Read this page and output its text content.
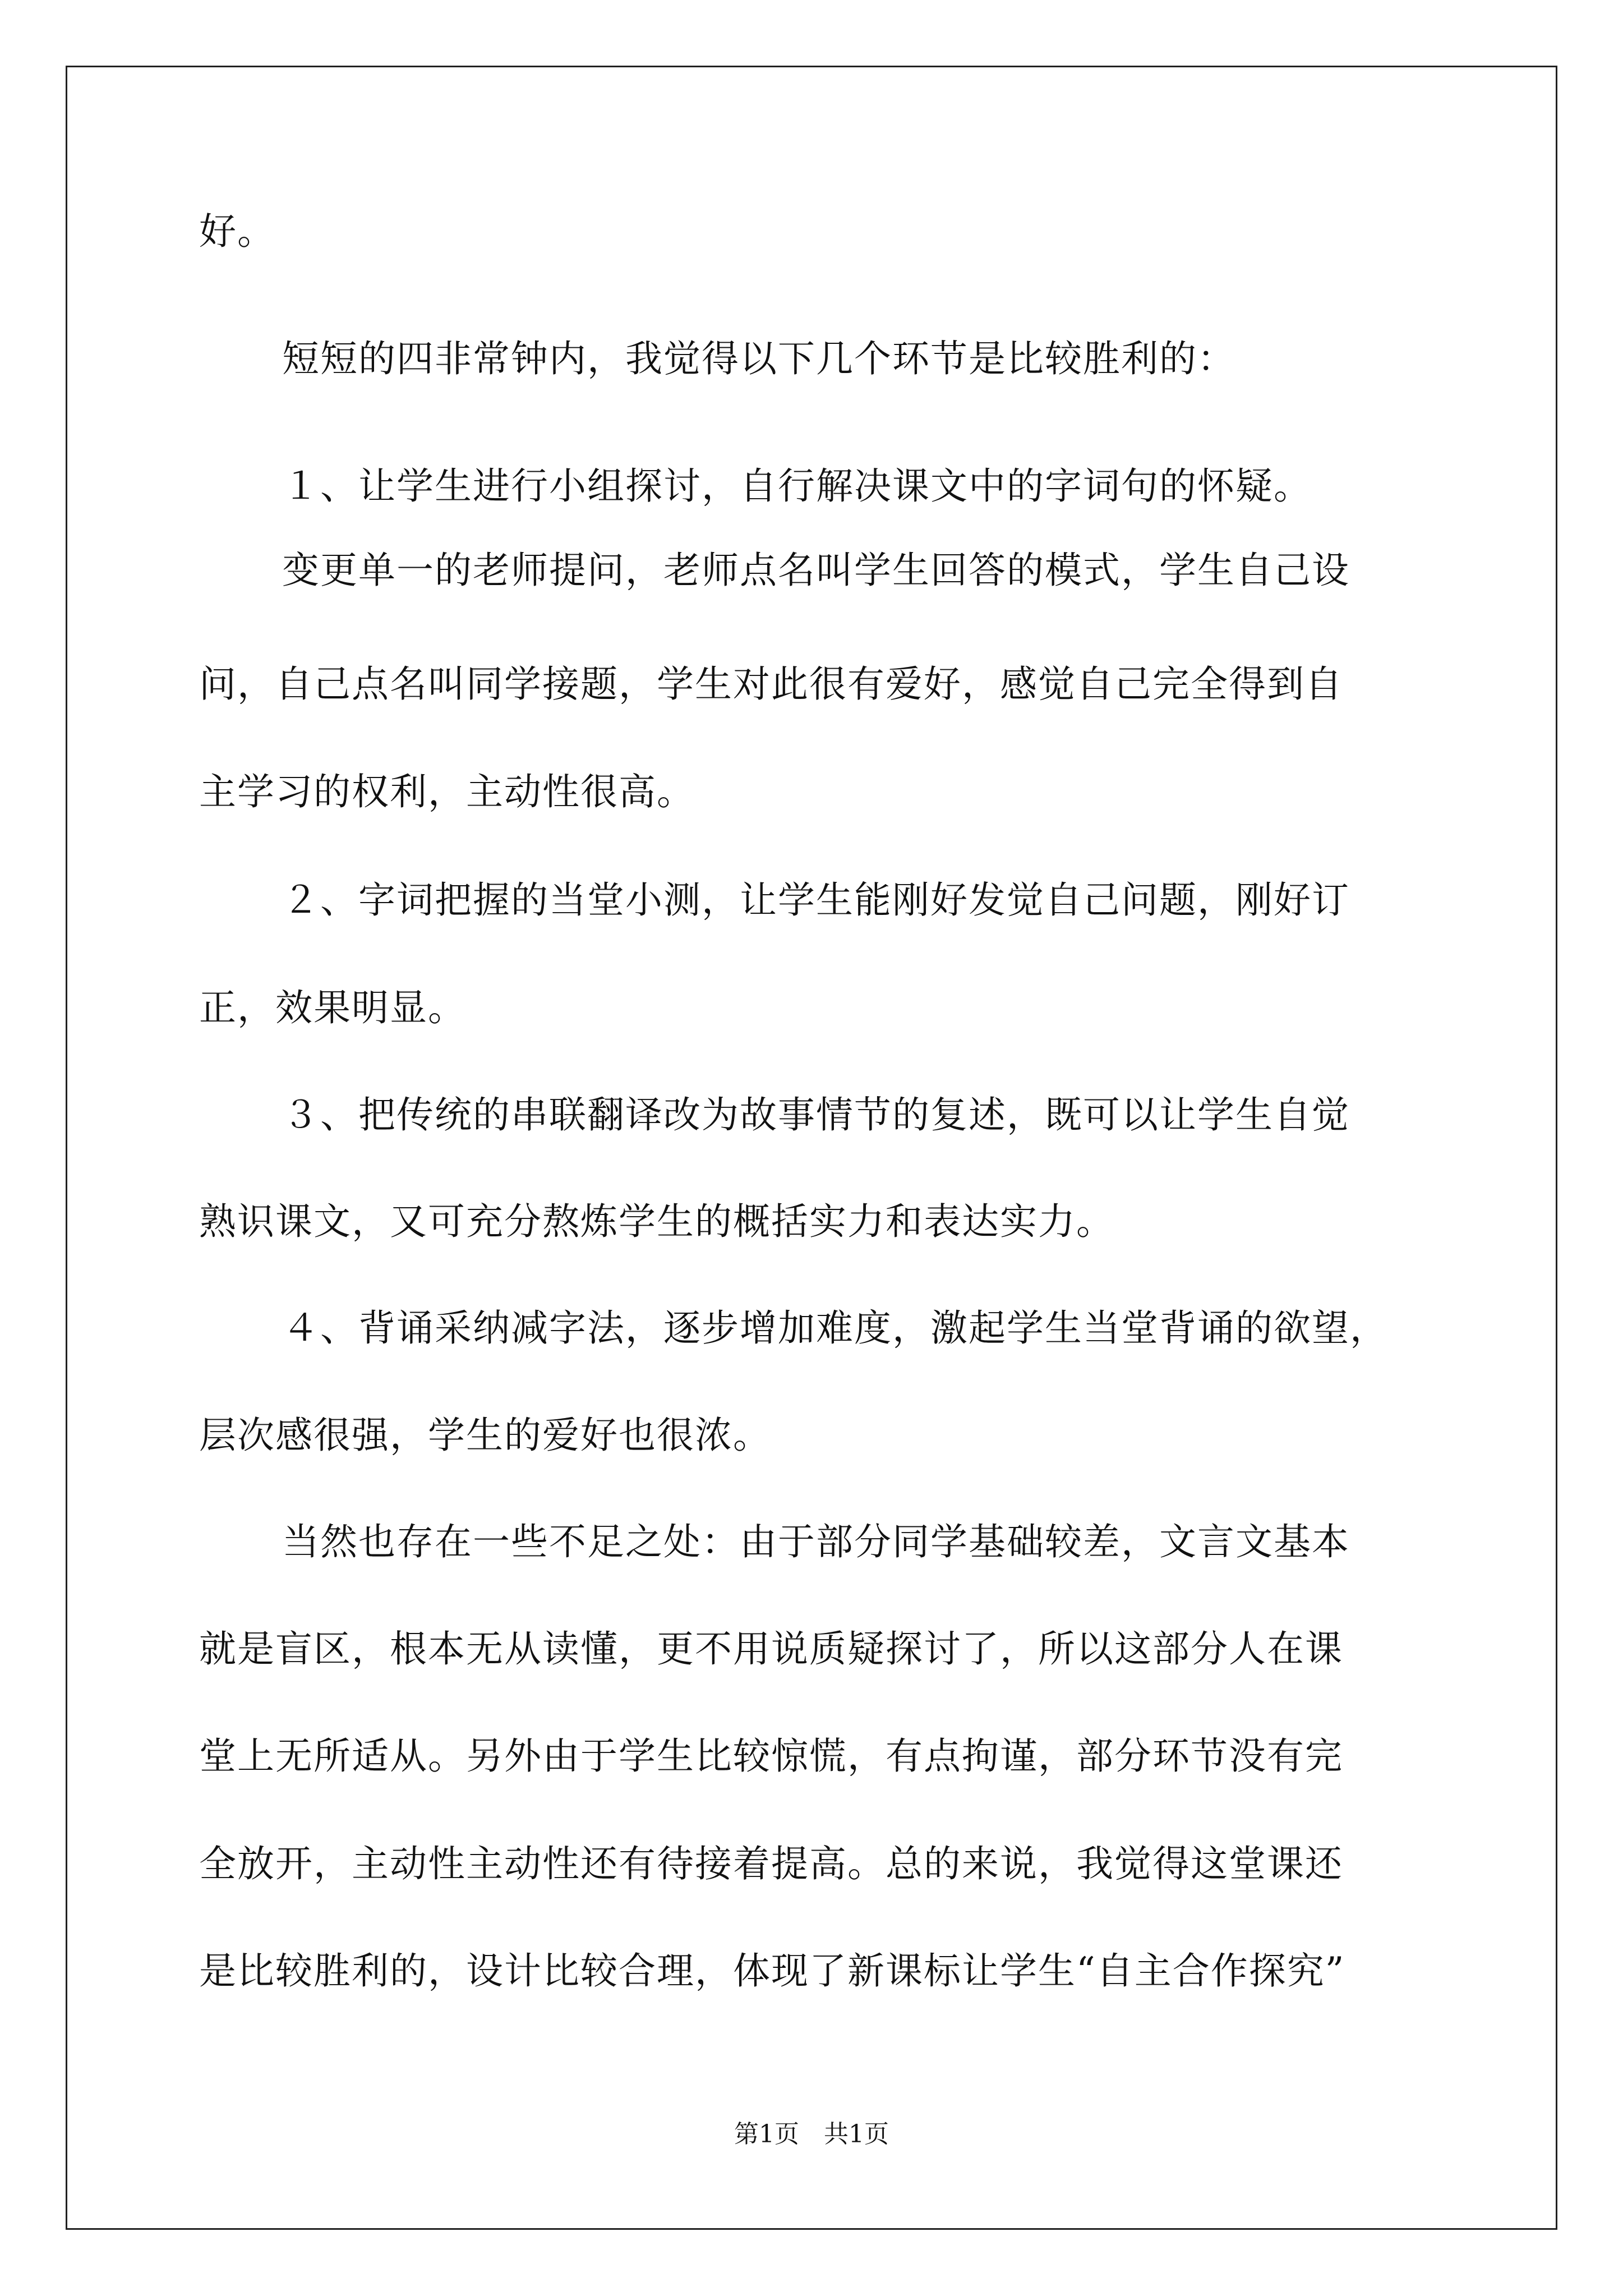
好。
短短的四非常钟内，我觉得以下几个环节是比较胜利的：
１、让学生进行小组探讨，自行解决课文中的字词句的怀疑。
变更单一的老师提问，老师点名叫学生回答的模式，学生自己设
问，自己点名叫同学接题，学生对此很有爱好，感觉自己完全得到自
主学习的权利，主动性很高。
２、字词把握的当堂小测，让学生能刚好发觉自己问题，刚好订
正，效果明显。
３、把传统的串联翻译改为故事情节的复述，既可以让学生自觉
熟识课文，又可充分熬炼学生的概括实力和表达实力。
４、背诵采纳减字法，逐步增加难度，激起学生当堂背诵的欲望，
层次感很强，学生的爱好也很浓。
当然也存在一些不足之处：由于部分同学基础较差，文言文基本
就是盲区，根本无从读懂，更不用说质疑探讨了，所以这部分人在课
堂上无所适从。另外由于学生比较惊慌，有点拘谨，部分环节没有完
全放开，主动性主动性还有待接着提高。总的来说，我觉得这堂课还
是比较胜利的，设计比较合理，体现了新课标让学生“自主合作探究”
第1页　共1页
